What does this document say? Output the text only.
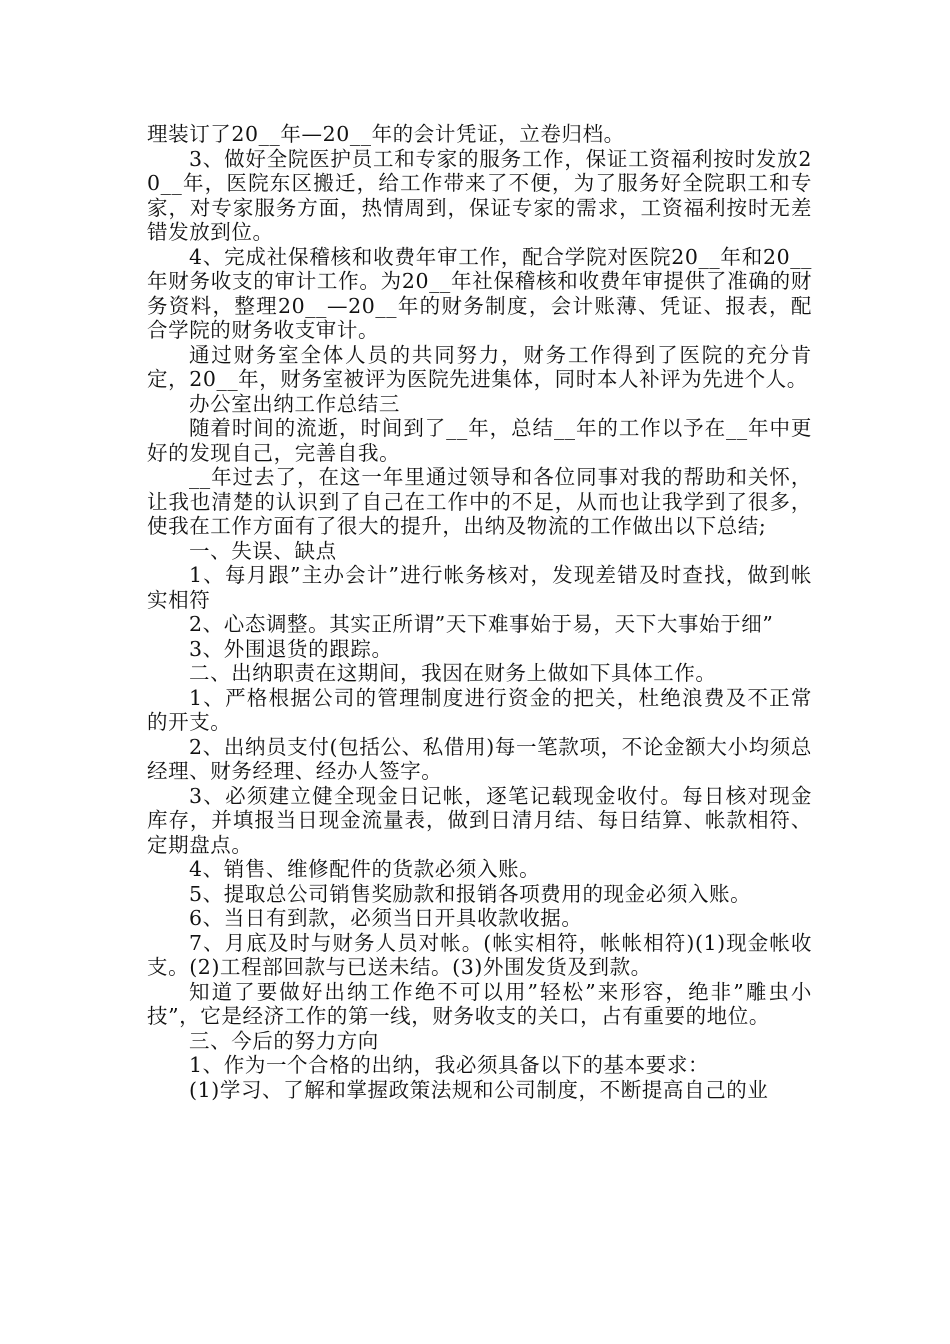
理装订了20__年—20__年的会计凭证，立卷归档。

3、做好全院医护员工和专家的服务工作，保证工资福利按时发放20__年，医院东区搬迁，给工作带来了不便，为了服务好全院职工和专家，对专家服务方面，热情周到，保证专家的需求，工资福利按时无差错发放到位。

4、完成社保稽核和收费年审工作，配合学院对医院20__年和20__年财务收支的审计工作。为20__年社保稽核和收费年审提供了准确的财务资料，整理20__—20__年的财务制度，会计账薄、凭证、报表，配合学院的财务收支审计。

通过财务室全体人员的共同努力，财务工作得到了医院的充分肯定，20__年，财务室被评为医院先进集体，同时本人补评为先进个人。

办公室出纳工作总结三

随着时间的流逝，时间到了__年，总结__年的工作以予在__年中更好的发现自己，完善自我。

__年过去了，在这一年里通过领导和各位同事对我的帮助和关怀，让我也清楚的认识到了自己在工作中的不足，从而也让我学到了很多，使我在工作方面有了很大的提升，出纳及物流的工作做出以下总结;

一、失误、缺点

1、每月跟”主办会计”进行帐务核对，发现差错及时查找，做到帐实相符

2、心态调整。其实正所谓”天下难事始于易，天下大事始于细”

3、外围退货的跟踪。

二、出纳职责在这期间，我因在财务上做如下具体工作。

1、严格根据公司的管理制度进行资金的把关，杜绝浪费及不正常的开支。

2、出纳员支付(包括公、私借用)每一笔款项，不论金额大小均须总经理、财务经理、经办人签字。

3、必须建立健全现金日记帐，逐笔记载现金收付。每日核对现金库存，并填报当日现金流量表，做到日清月结、每日结算、帐款相符、定期盘点。

4、销售、维修配件的货款必须入账。

5、提取总公司销售奖励款和报销各项费用的现金必须入账。

6、当日有到款，必须当日开具收款收据。

7、月底及时与财务人员对帐。(帐实相符，帐帐相符)(1)现金帐收支。(2)工程部回款与已送未结。(3)外围发货及到款。

知道了要做好出纳工作绝不可以用”轻松”来形容，绝非”雕虫小技”，它是经济工作的第一线，财务收支的关口，占有重要的地位。

三、今后的努力方向

1、作为一个合格的出纳，我必须具备以下的基本要求：

(1)学习、了解和掌握政策法规和公司制度，不断提高自己的业
